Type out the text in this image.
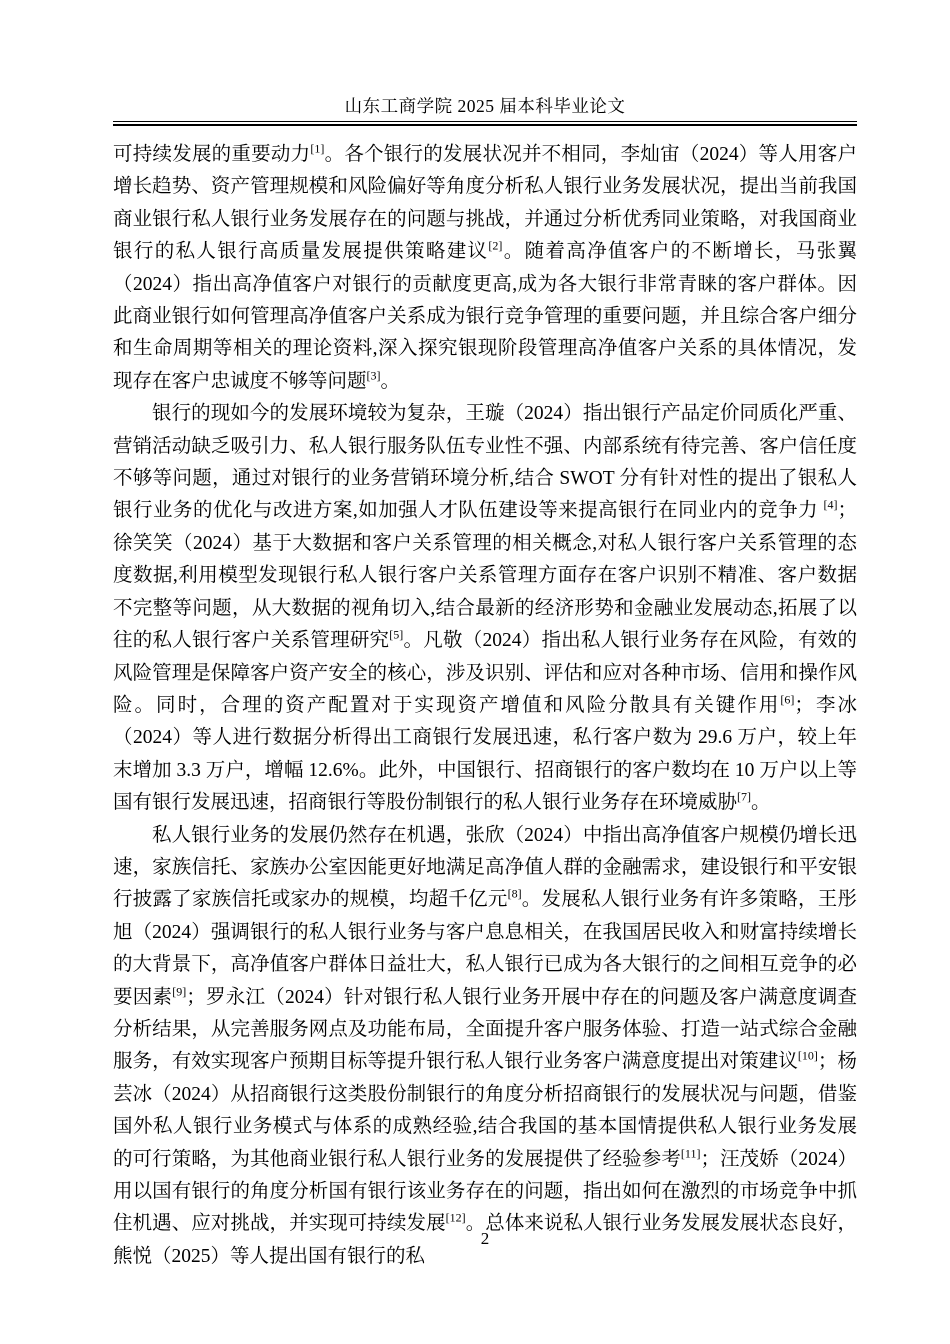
山东工商学院 2025 届本科毕业论文

可持续发展的重要动力[1]。各个银行的发展状况并不相同，李灿宙（2024）等人用客户增长趋势、资产管理规模和风险偏好等角度分析私人银行业务发展状况，提出当前我国商业银行私人银行业务发展存在的问题与挑战，并通过分析优秀同业策略，对我国商业银行的私人银行高质量发展提供策略建议[2]。随着高净值客户的不断增长，马张翼（2024）指出高净值客户对银行的贡献度更高,成为各大银行非常青睐的客户群体。因此商业银行如何管理高净值客户关系成为银行竞争管理的重要问题，并且综合客户细分和生命周期等相关的理论资料,深入探究银现阶段管理高净值客户关系的具体情况，发现存在客户忠诚度不够等问题[3]。

银行的现如今的发展环境较为复杂，王璇（2024）指出银行产品定价同质化严重、营销活动缺乏吸引力、私人银行服务队伍专业性不强、内部系统有待完善、客户信任度不够等问题，通过对银行的业务营销环境分析,结合 SWOT 分有针对性的提出了银私人银行业务的优化与改进方案,如加强人才队伍建设等来提高银行在同业内的竞争力 [4]；徐笑笑（2024）基于大数据和客户关系管理的相关概念,对私人银行客户关系管理的态度数据,利用模型发现银行私人银行客户关系管理方面存在客户识别不精准、客户数据不完整等问题，从大数据的视角切入,结合最新的经济形势和金融业发展动态,拓展了以往的私人银行客户关系管理研究[5]。凡敬（2024）指出私人银行业务存在风险，有效的风险管理是保障客户资产安全的核心，涉及识别、评估和应对各种市场、信用和操作风险。同时，合理的资产配置对于实现资产增值和风险分散具有关键作用[6]；李冰（2024）等人进行数据分析得出工商银行发展迅速，私行客户数为 29.6 万户，较上年末增加 3.3 万户，增幅 12.6%。此外，中国银行、招商银行的客户数均在 10 万户以上等国有银行发展迅速，招商银行等股份制银行的私人银行业务存在环境威胁[7]。

私人银行业务的发展仍然存在机遇，张欣（2024）中指出高净值客户规模仍增长迅速，家族信托、家族办公室因能更好地满足高净值人群的金融需求，建设银行和平安银行披露了家族信托或家办的规模，均超千亿元[8]。发展私人银行业务有许多策略，王彤旭（2024）强调银行的私人银行业务与客户息息相关，在我国居民收入和财富持续增长的大背景下，高净值客户群体日益壮大，私人银行已成为各大银行的之间相互竞争的必要因素[9]；罗永江（2024）针对银行私人银行业务开展中存在的问题及客户满意度调查分析结果，从完善服务网点及功能布局，全面提升客户服务体验、打造一站式综合金融服务，有效实现客户预期目标等提升银行私人银行业务客户满意度提出对策建议[10]；杨芸冰（2024）从招商银行这类股份制银行的角度分析招商银行的发展状况与问题，借鉴国外私人银行业务模式与体系的成熟经验,结合我国的基本国情提供私人银行业务发展的可行策略，为其他商业银行私人银行业务的发展提供了经验参考[11]；汪茂娇（2024）用以国有银行的角度分析国有银行该业务存在的问题，指出如何在激烈的市场竞争中抓住机遇、应对挑战，并实现可持续发展[12]。总体来说私人银行业务发展发展状态良好，熊悦（2025）等人提出国有银行的私

2
